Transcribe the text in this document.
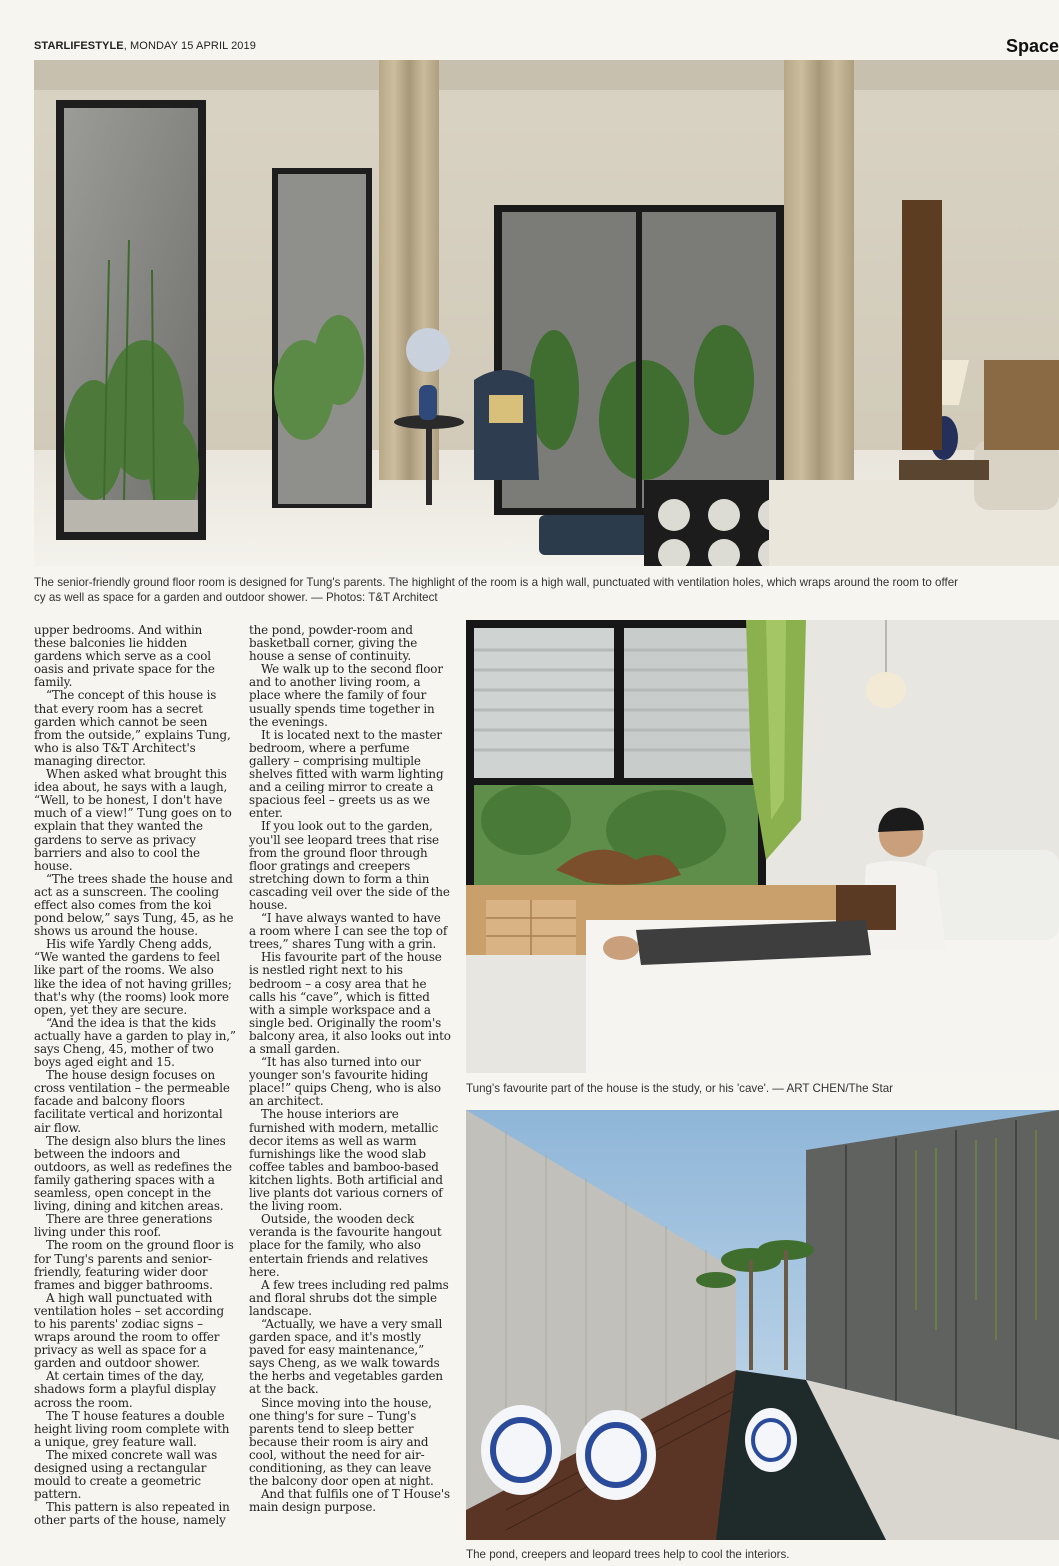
STARLIFESTYLE, MONDAY 15 APRIL 2019	Space
The senior-friendly ground floor room is designed for Tung's parents. The highlight of the room is a high wall, punctuated with ventilation holes, which wraps around the room to offer
cy as well as space for a garden and outdoor shower. — Photos: T&T Architect

upper bedrooms. And within these balconies lie hidden gardens which serve as a cool oasis and private space for the family.

“The concept of this house is that every room has a secret garden which cannot be seen from the outside,” explains Tung, who is also T&T Architect's managing director.

When asked what brought this idea about, he says with a laugh, “Well, to be honest, I don't have much of a view!” Tung goes on to explain that they wanted the gardens to serve as privacy barriers and also to cool the house.

“The trees shade the house and act as a sunscreen. The cooling effect also comes from the koi pond below,” says Tung, 45, as he shows us around the house.

His wife Yardly Cheng adds, “We wanted the gardens to feel like part of the rooms. We also like the idea of not having grilles; that's why (the rooms) look more open, yet they are secure.

“And the idea is that the kids actually have a garden to play in,” says Cheng, 45, mother of two boys aged eight and 15.

The house design focuses on cross ventilation – the permeable facade and balcony floors facilitate vertical and horizontal air flow.

The design also blurs the lines between the indoors and outdoors, as well as redefines the family gathering spaces with a seamless, open concept in the living, dining and kitchen areas.

There are three generations living under this roof.

The room on the ground floor is for Tung's parents and senior-friendly, featuring wider door frames and bigger bathrooms.

A high wall punctuated with ventilation holes – set according to his parents' zodiac signs – wraps around the room to offer privacy as well as space for a garden and outdoor shower.

At certain times of the day, shadows form a playful display across the room.

The T house features a double height living room complete with a unique, grey feature wall.

The mixed concrete wall was designed using a rectangular mould to create a geometric pattern.

This pattern is also repeated in other parts of the house, namely

the pond, powder-room and basketball corner, giving the house a sense of continuity.

We walk up to the second floor and to another living room, a place where the family of four usually spends time together in the evenings.

It is located next to the master bedroom, where a perfume gallery – comprising multiple shelves fitted with warm lighting and a ceiling mirror to create a spacious feel – greets us as we enter.

If you look out to the garden, you'll see leopard trees that rise from the ground floor through floor gratings and creepers stretching down to form a thin cascading veil over the side of the house.

“I have always wanted to have a room where I can see the top of trees,” shares Tung with a grin.

His favourite part of the house is nestled right next to his bedroom – a cosy area that he calls his “cave”, which is fitted with a simple workspace and a single bed. Originally the room's balcony area, it also looks out into a small garden.

“It has also turned into our younger son's favourite hiding place!” quips Cheng, who is also an architect.

The house interiors are furnished with modern, metallic decor items as well as warm furnishings like the wood slab coffee tables and bamboo-based kitchen lights. Both artificial and live plants dot various corners of the living room.

Outside, the wooden deck veranda is the favourite hangout place for the family, who also entertain friends and relatives here.

A few trees including red palms and floral shrubs dot the simple landscape.

“Actually, we have a very small garden space, and it's mostly paved for easy maintenance,” says Cheng, as we walk towards the herbs and vegetables garden at the back.

Since moving into the house, one thing's for sure – Tung's parents tend to sleep better because their room is airy and cool, without the need for air-conditioning, as they can leave the balcony door open at night.

And that fulfils one of T House's main design purpose.

Tung's favourite part of the house is the study, or his 'cave'. — ART CHEN/The Star
The pond, creepers and leopard trees help to cool the interiors.
